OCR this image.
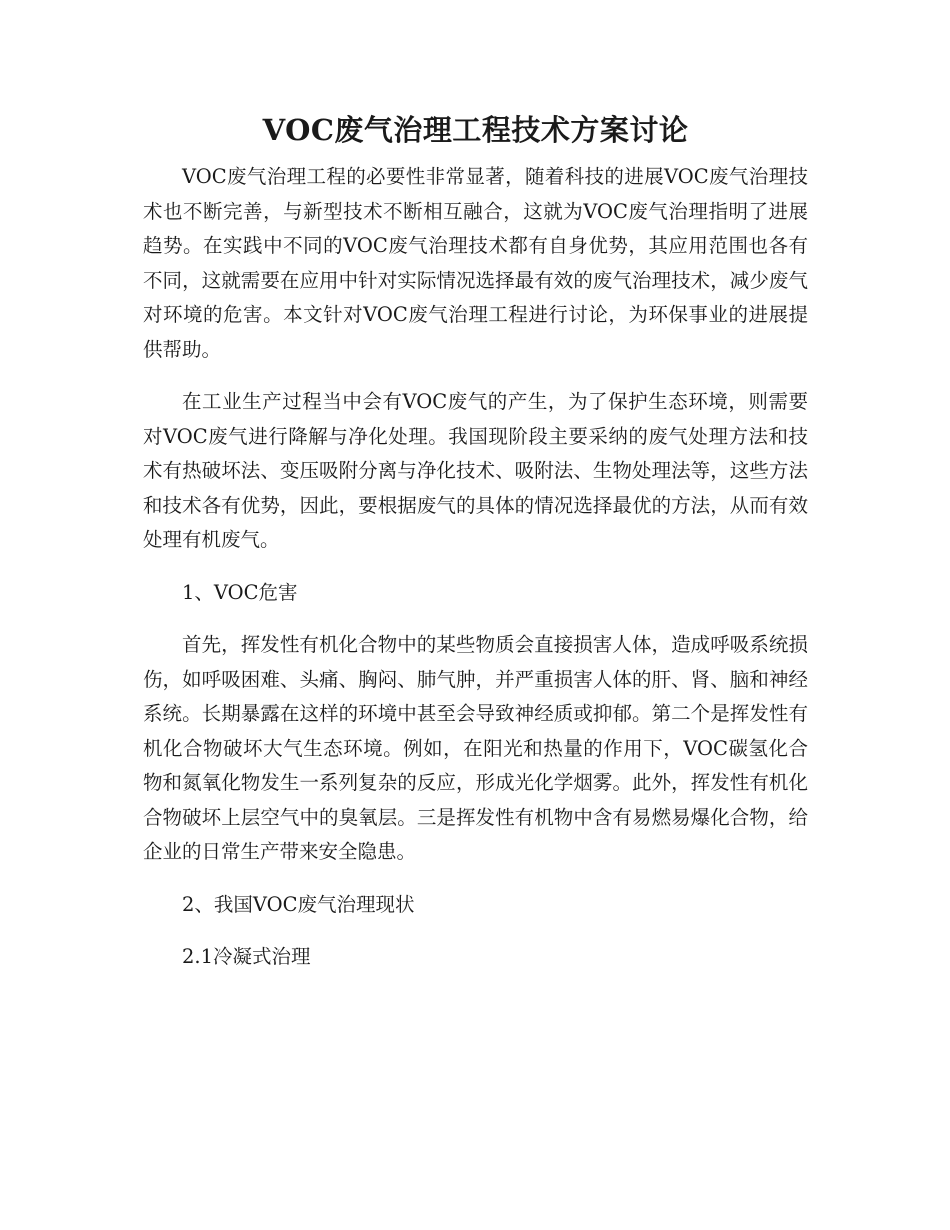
VOC废气治理工程技术方案讨论

VOC废气治理工程的必要性非常显著，随着科技的进展VOC废气治理技术也不断完善，与新型技术不断相互融合，这就为VOC废气治理指明了进展趋势。在实践中不同的VOC废气治理技术都有自身优势，其应用范围也各有不同，这就需要在应用中针对实际情况选择最有效的废气治理技术，减少废气对环境的危害。本文针对VOC废气治理工程进行讨论，为环保事业的进展提供帮助。

在工业生产过程当中会有VOC废气的产生，为了保护生态环境，则需要对VOC废气进行降解与净化处理。我国现阶段主要采纳的废气处理方法和技术有热破坏法、变压吸附分离与净化技术、吸附法、生物处理法等，这些方法和技术各有优势，因此，要根据废气的具体的情况选择最优的方法，从而有效处理有机废气。

1、VOC危害

首先，挥发性有机化合物中的某些物质会直接损害人体，造成呼吸系统损伤，如呼吸困难、头痛、胸闷、肺气肿，并严重损害人体的肝、肾、脑和神经系统。长期暴露在这样的环境中甚至会导致神经质或抑郁。第二个是挥发性有机化合物破坏大气生态环境。例如，在阳光和热量的作用下，VOC碳氢化合物和氮氧化物发生一系列复杂的反应，形成光化学烟雾。此外，挥发性有机化合物破坏上层空气中的臭氧层。三是挥发性有机物中含有易燃易爆化合物，给企业的日常生产带来安全隐患。

2、我国VOC废气治理现状

2.1冷凝式治理
